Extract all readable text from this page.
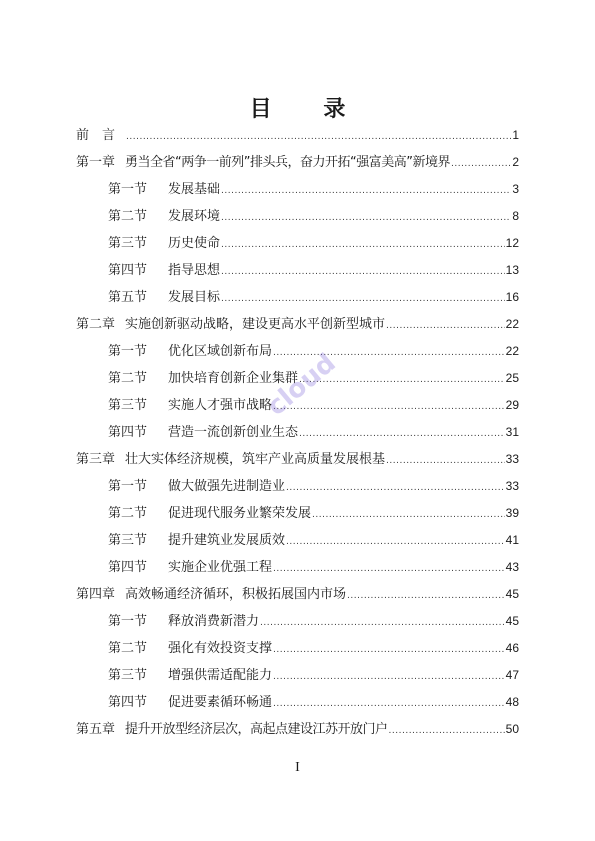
目 录
前　言 .....	1
第一章 勇当全省“两争一前列”排头兵，奋力开拓“强富美高”新境界 .....	2
第一节	发展基础 .....	3
第二节	发展环境 .....	8
第三节	历史使命 .....	12
第四节	指导思想 .....	13
第五节	发展目标 .....	16
第二章 实施创新驱动战略，建设更高水平创新型城市 .....	22
第一节	优化区域创新布局 .....	22
第二节	加快培育创新企业集群 .....	25
第三节	实施人才强市战略 .....	29
第四节	营造一流创新创业生态 .....	31
第三章 壮大实体经济规模，筑牢产业高质量发展根基 .....	33
第一节	做大做强先进制造业 .....	33
第二节	促进现代服务业繁荣发展 .....	39
第三节	提升建筑业发展质效 .....	41
第四节	实施企业优强工程 .....	43
第四章 高效畅通经济循环，积极拓展国内市场 .....	45
第一节	释放消费新潜力 .....	45
第二节	强化有效投资支撑 .....	46
第三节	增强供需适配能力 .....	47
第四节	促进要素循环畅通 .....	48
第五章 提升开放型经济层次，高起点建设江苏开放门户 .....	50
cloud
I
